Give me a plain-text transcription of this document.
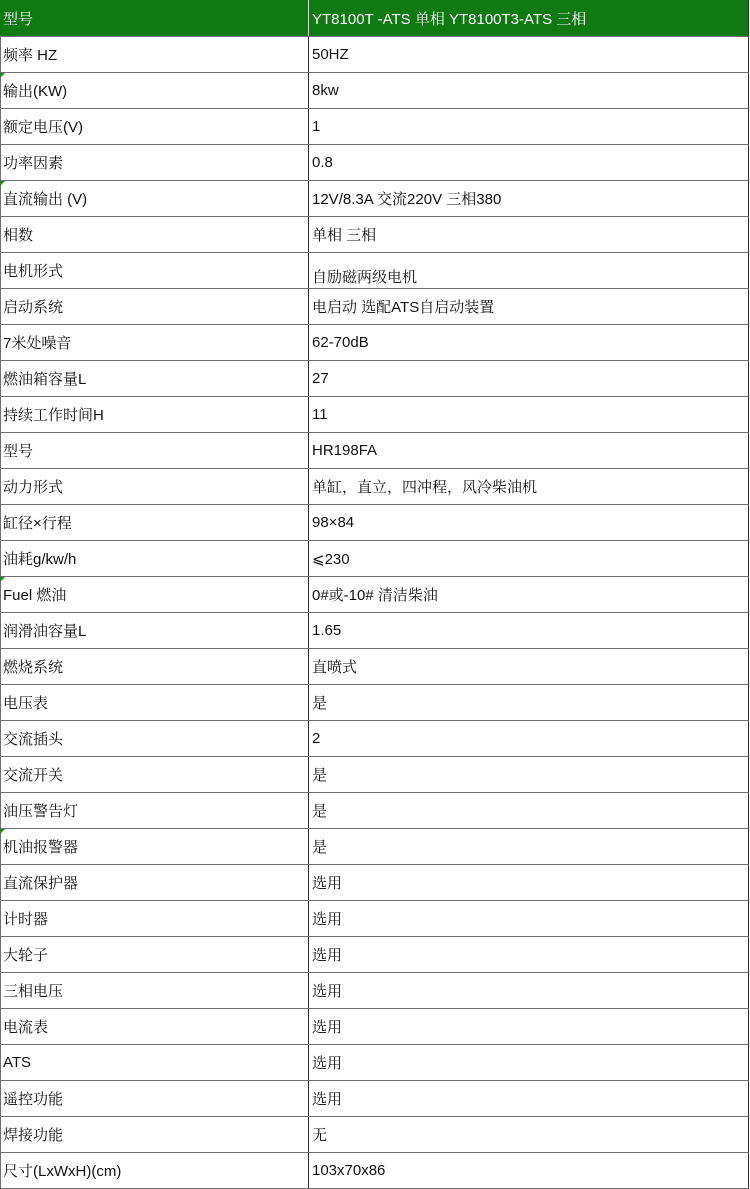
型号	YT8100T -ATS 单相 YT8100T3-ATS 三相
频率 HZ	50HZ
输出(KW)	8kw
额定电压(V)	1
功率因素	0.8
直流输出 (V)	12V/8.3A 交流220V 三相380
相数	单相 三相
电机形式	自励磁两级电机
启动系统	电启动 选配ATS自启动装置
7米处噪音	62-70dB
燃油箱容量L	27
持续工作时间H	11
型号	HR198FA
动力形式	单缸，直立，四冲程，风冷柴油机
缸径×行程	98×84
油耗g/kw/h	⩽230
Fuel 燃油	0#或-10# 清洁柴油
润滑油容量L	1.65
燃烧系统	直喷式
电压表	是
交流插头	2
交流开关	是
油压警告灯	是
机油报警器	是
直流保护器	选用
计时器	选用
大轮子	选用
三相电压	选用
电流表	选用
ATS	选用
遥控功能	选用
焊接功能	无
尺寸(LxWxH)(cm)	103x70x86
